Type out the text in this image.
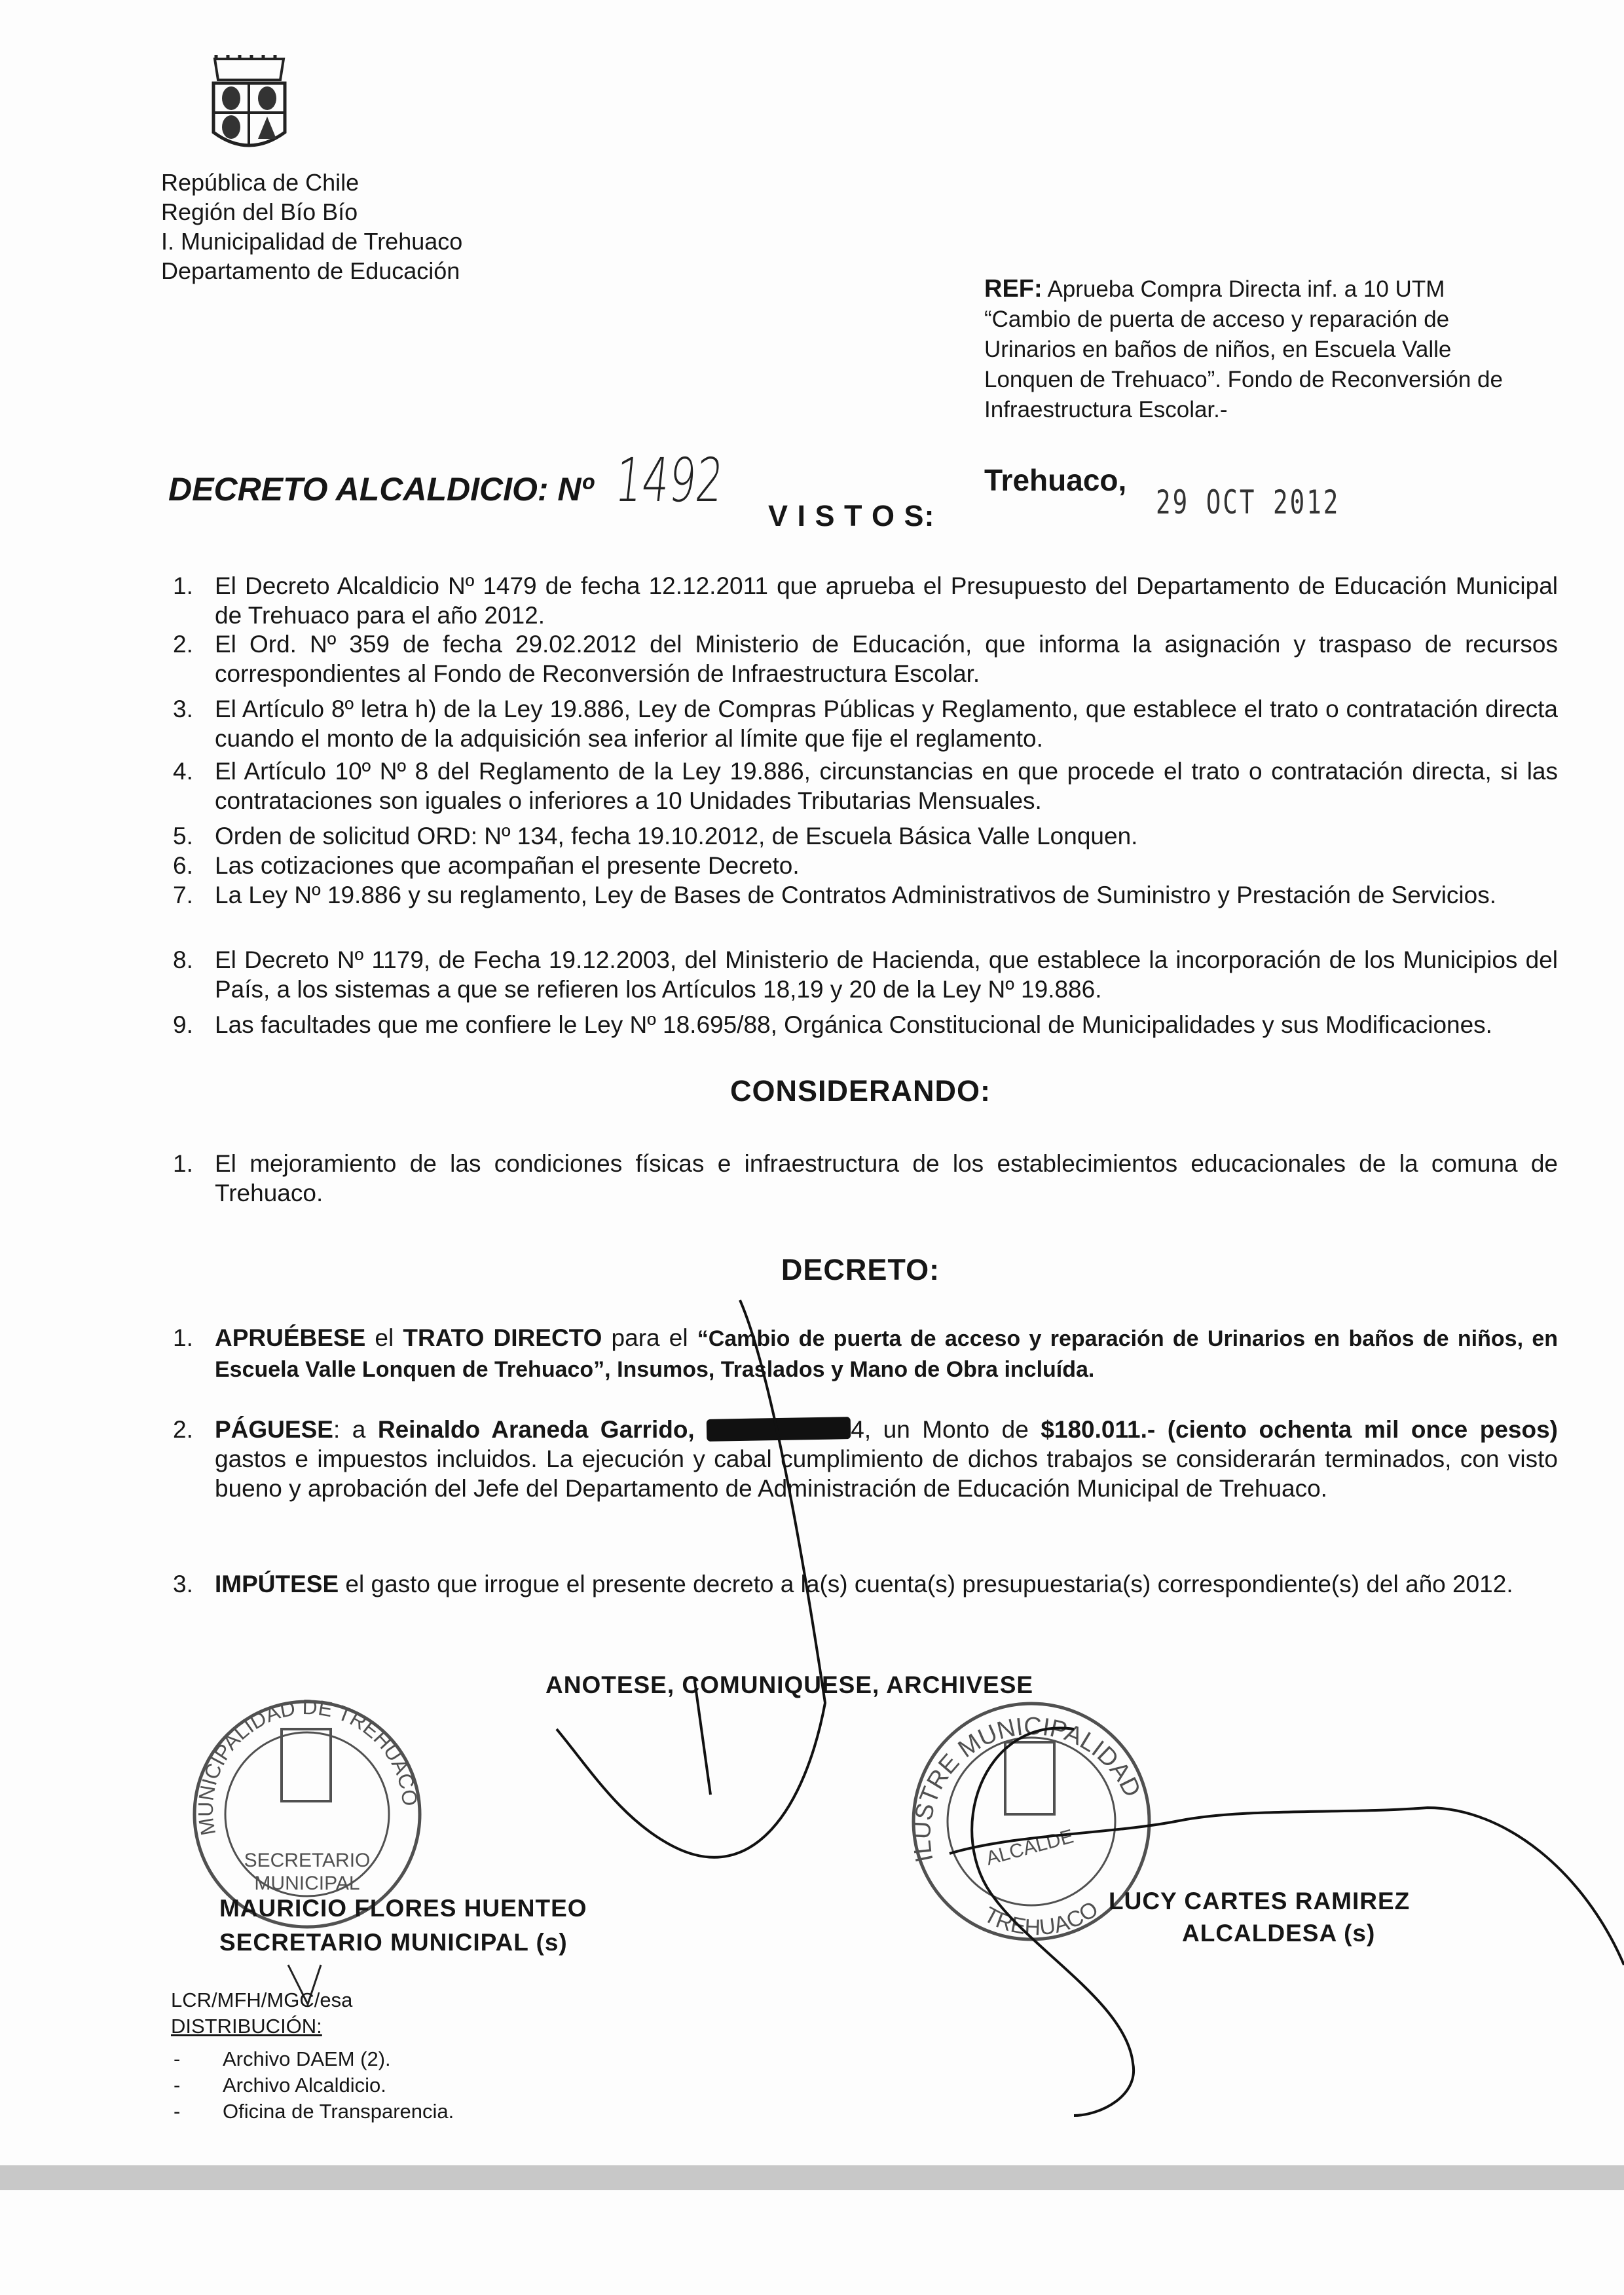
República de Chile
Región del Bío Bío
I. Municipalidad de Trehuaco
Departamento de Educación
REF: Aprueba Compra Directa inf. a 10 UTM
“Cambio de puerta de acceso y reparación de
Urinarios en baños de niños, en Escuela Valle
Lonquen de Trehuaco”. Fondo de Reconversión de
Infraestructura Escolar.-
DECRETO ALCALDICIO: Nº 1492	Trehuaco,
29 OCT 2012
V I S T O S:
1. El Decreto Alcaldicio Nº 1479 de fecha 12.12.2011 que aprueba el Presupuesto del Departamento de Educación Municipal de Trehuaco para el año 2012.
2. El Ord. Nº 359 de fecha 29.02.2012 del Ministerio de Educación, que informa la asignación y traspaso de recursos correspondientes al Fondo de Reconversión de Infraestructura Escolar.
3. El Artículo 8º letra h) de la Ley 19.886, Ley de Compras Públicas y Reglamento, que establece el trato o contratación directa cuando el monto de la adquisición sea inferior al límite que fije el reglamento.
4. El Artículo 10º Nº 8 del Reglamento de la Ley 19.886, circunstancias en que procede el trato o contratación directa, si las contrataciones son iguales o inferiores a 10 Unidades Tributarias Mensuales.
5. Orden de solicitud ORD: Nº 134, fecha 19.10.2012, de Escuela Básica Valle Lonquen.
6. Las cotizaciones que acompañan el presente Decreto.
7. La Ley Nº 19.886 y su reglamento, Ley de Bases de Contratos Administrativos de Suministro y Prestación de Servicios.
8. El Decreto Nº 1179, de Fecha 19.12.2003, del Ministerio de Hacienda, que establece la incorporación de los Municipios del País, a los sistemas a que se refieren los Artículos 18,19 y 20 de la Ley Nº 19.886.
9. Las facultades que me confiere le Ley Nº 18.695/88, Orgánica Constitucional de Municipalidades y sus Modificaciones.
CONSIDERANDO:
1. El mejoramiento de las condiciones físicas e infraestructura de los establecimientos educacionales de la comuna de Trehuaco.
DECRETO:
1. APRUÉBESE el TRATO DIRECTO para el “Cambio de puerta de acceso y reparación de Urinarios en baños de niños, en Escuela Valle Lonquen de Trehuaco”, Insumos, Traslados y Mano de Obra incluída.
2. PÁGUESE: a Reinaldo Araneda Garrido,	4, un Monto de $180.011.- (ciento ochenta mil once pesos) gastos e impuestos incluidos. La ejecución y cabal cumplimiento de dichos trabajos se considerarán terminados, con visto bueno y aprobación del Jefe del Departamento de Administración de Educación Municipal de Trehuaco.
3. IMPÚTESE el gasto que irrogue el presente decreto a la(s) cuenta(s) presupuestaria(s) correspondiente(s) del año 2012.
ANOTESE, COMUNIQUESE, ARCHIVESE
SECRETARIO
MUNICIPAL
MUNICIPALIDAD DE TREHUACO
ALCALDE
ILUSTRE MUNICIPALIDAD
TREHUACO
MAURICIO FLORES HUENTEO
SECRETARIO MUNICIPAL (s)
LUCY CARTES RAMIREZ
ALCALDESA (s)
LCR/MFH/MGC/esa
DISTRIBUCIÓN:
- Archivo DAEM (2).
- Archivo Alcaldicio.
- Oficina de Transparencia.
